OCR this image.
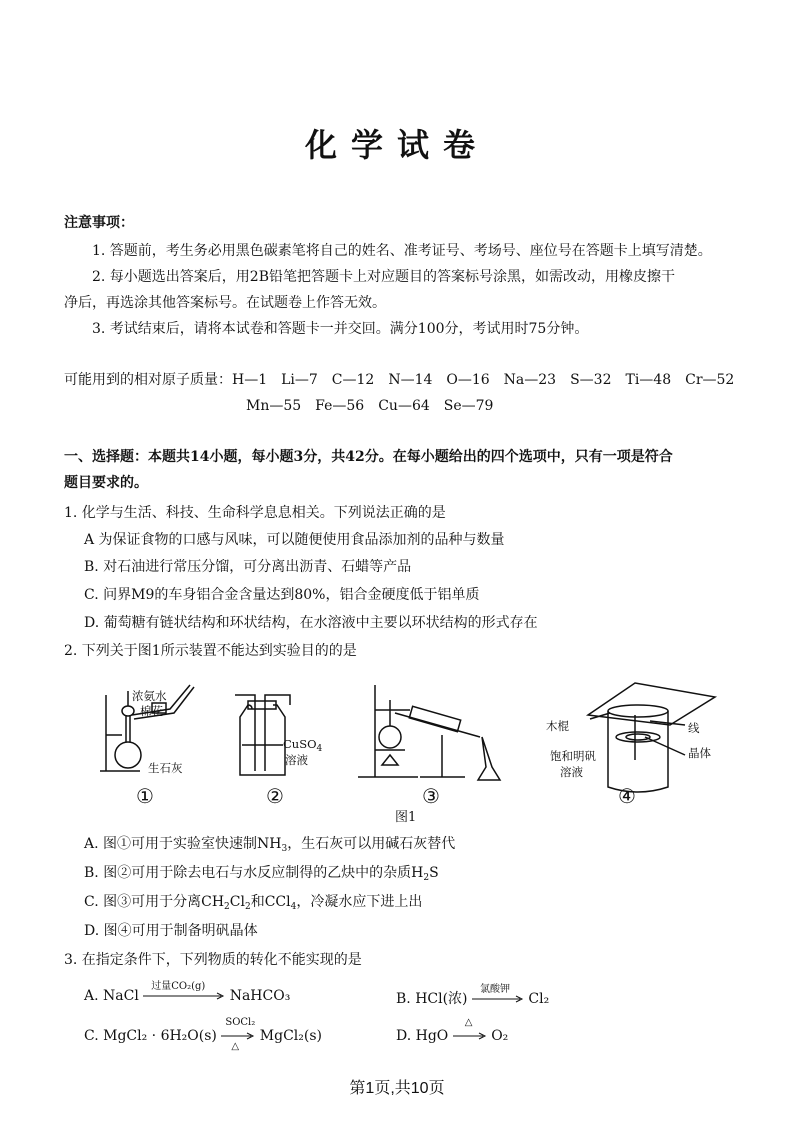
化学试卷
注意事项：
1. 答题前，考生务必用黑色碳素笔将自己的姓名、准考证号、考场号、座位号在答题卡上填写清楚。
2. 每小题选出答案后，用2B铅笔把答题卡上对应题目的答案标号涂黑，如需改动，用橡皮擦干
净后，再选涂其他答案标号。在试题卷上作答无效。
3. 考试结束后，请将本试卷和答题卡一并交回。满分100分，考试用时75分钟。
可能用到的相对原子质量：H—1　Li—7　C—12　N—14　O—16　Na—23　S—32　Ti—48　Cr—52
Mn—55　Fe—56　Cu—64　Se—79
一、选择题：本题共14小题，每小题3分，共42分。在每小题给出的四个选项中，只有一项是符合
题目要求的。
1. 化学与生活、科技、生命科学息息相关。下列说法正确的是
A 为保证食物的口感与风味，可以随便使用食品添加剂的品种与数量
B. 对石油进行常压分馏，可分离出沥青、石蜡等产品
C. 问界M9的车身铝合金含量达到80%，铝合金硬度低于铝单质
D. 葡萄糖有链状结构和环状结构，在水溶液中主要以环状结构的形式存在
2. 下列关于图1所示装置不能达到实验目的的是
浓氨水
棉花
生石灰
CuSO$_4$
溶液
木棍	线
晶体
饱和明矾
溶液
①	②	③	④
图1
A. 图①可用于实验室快速制$NH_3$，生石灰可以用碱石灰替代
B. 图②可用于除去电石与水反应制得的乙炔中的杂质$H_2S$
C. 图③可用于分离$CH_2Cl_2$和CCl$_4$，冷凝水应下进上出
D. 图④可用于制备明矾晶体
3. 在指定条件下，下列物质的转化不能实现的是
A. NaCl
过量CO₂(g)
NaHCO₃	B. HCl(浓)
氯酸钾
Cl₂
C. MgCl₂ · 6H₂O(s)
SOCl₂
△
MgCl₂(s)	D. HgO
△
O₂
第1页,共10页
